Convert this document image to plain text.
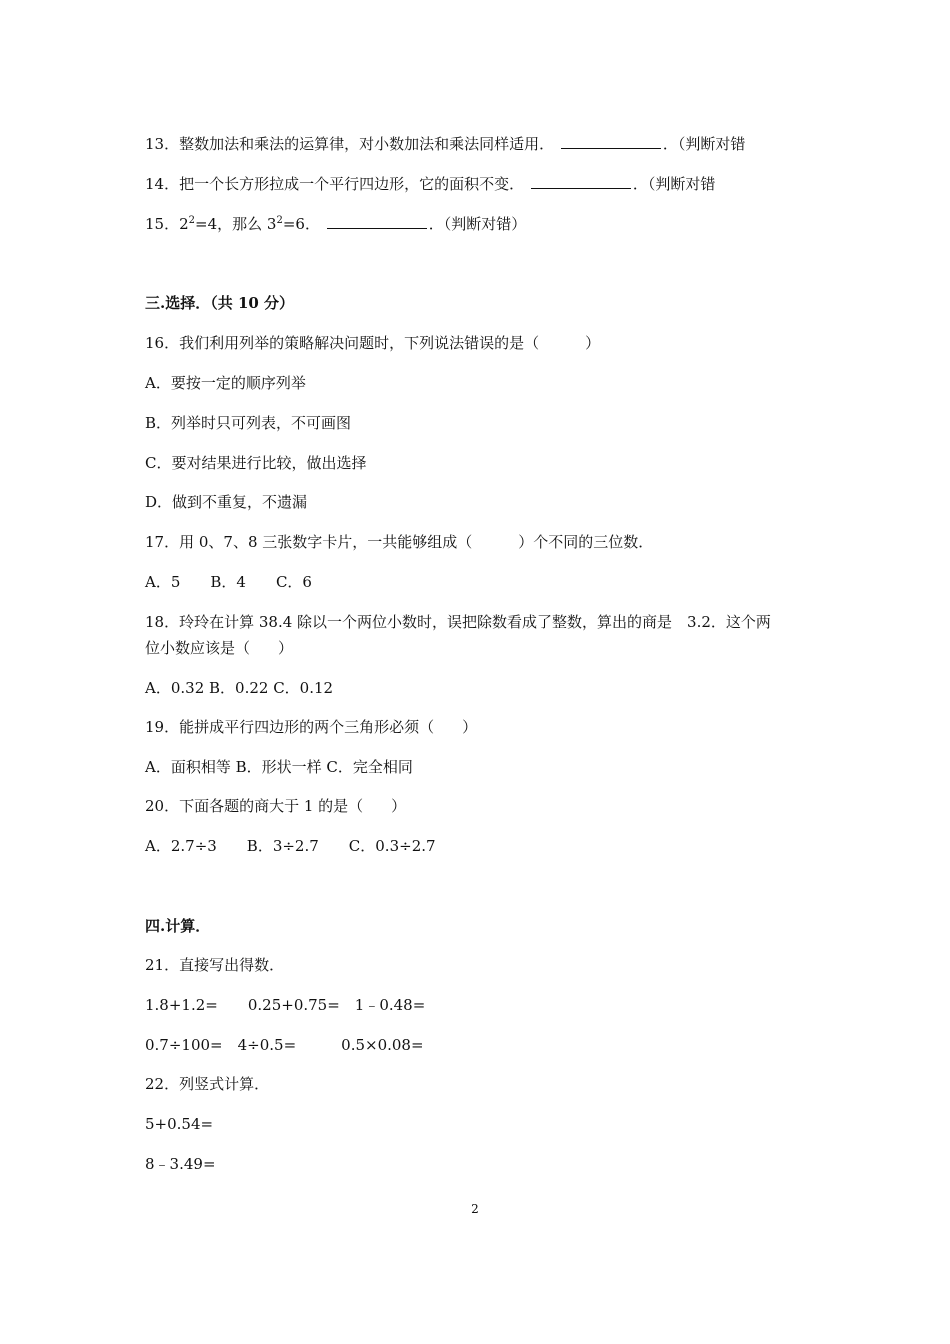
13．整数加法和乘法的运算律，对小数加法和乘法同样适用．	．（判断对错
14．把一个长方形拉成一个平行四边形，它的面积不变．	．（判断对错
15．$2^2=4$，那么 $3^2=6$．	．（判断对错）
三.选择．（共 10 分）
16．我们利用列举的策略解决问题时，下列说法错误的是（	）
A．要按一定的顺序列举
B．列举时只可列表，不可画图
C．要对结果进行比较，做出选择
D．做到不重复，不遗漏
17．用 0、7、8 三张数字卡片，一共能够组成（	）个不同的三位数．
A．5　　B．4　　C．6
18．玲玲在计算 38.4 除以一个两位小数时，误把除数看成了整数，算出的商是　3.2．这个两
位小数应该是（ ）
A．0.32 B．0.22 C．0.12
19．能拼成平行四边形的两个三角形必须（ ）
A．面积相等 B．形状一样 C．完全相同
20．下面各题的商大于 1 的是（ ）
A．2.7÷3　　B．3÷2.7　　C．0.3÷2.7
四.计算．
21．直接写出得数．
1.8+1.2=　　0.25+0.75=　1﹣0.48=
0.7÷100=　4÷0.5=　　　0.5×0.08=
22．列竖式计算．
5+0.54=
8﹣3.49=
2
